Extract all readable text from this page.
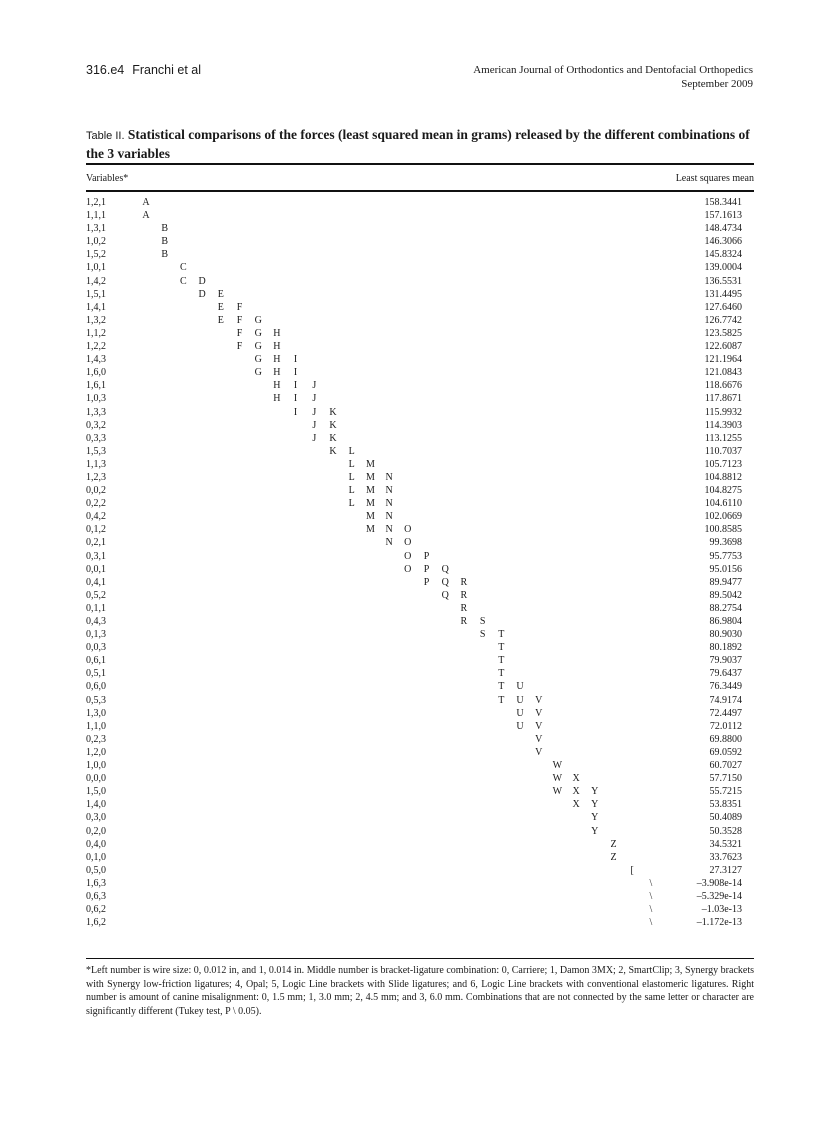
316.e4 Franchi et al	American Journal of Orthodontics and Dentofacial Orthopedics
September 2009
Table II. Statistical comparisons of the forces (least squared mean in grams) released by the different combinations of the 3 variables
Variables*	Least squares mean
1,2,1	A	158.3441
1,1,1	A	157.1613
1,3,1	B	148.4734
1,0,2	B	146.3066
1,5,2	B	145.8324
1,0,1	C	139.0004
1,4,2	C D	136.5531
1,5,1	D E	131.4495
1,4,1	E F	127.6460
1,3,2	E F G	126.7742
1,1,2	F G H	123.5825
1,2,2	F G H	122.6087
1,4,3	G H	I	121.1964
1,6,0	G H	I	121.0843
1,6,1	H	I	J	118.6676
1,0,3	H	I	J	117.8671
1,3,3	I	J	K	115.9932
0,3,2	J	K	114.3903
0,3,3	J	K	113.1255
1,5,3	K L	110.7037
1,1,3	L M	105.7123
1,2,3	L M N	104.8812
0,0,2	L M N	104.8275
0,2,2	L M N	104.6110
0,4,2	M N	102.0669
0,1,2	M N O	100.8585
0,2,1	N O	99.3698
0,3,1	O P	95.7753
0,0,1	O P Q	95.0156
0,4,1	P Q R	89.9477
0,5,2	Q R	89.5042
0,1,1	R	88.2754
0,4,3	R S	86.9804
0,1,3	S T	80.9030
0,0,3	T	80.1892
0,6,1	T	79.9037
0,5,1	T	79.6437
0,6,0	T U	76.3449
0,5,3	T U V	74.9174
1,3,0	U V	72.4497
1,1,0	U V	72.0112
0,2,3	V	69.8800
1,2,0	V	69.0592
1,0,0	W	60.7027
0,0,0	W X	57.7150
1,5,0	W X Y	55.7215
1,4,0	X Y	53.8351
0,3,0	Y	50.4089
0,2,0	Y	50.3528
0,4,0	Z	34.5321
0,1,0	Z	33.7623
0,5,0	[	27.3127
1,6,3	\	–3.908e-14
0,6,3	\	–5.329e-14
0,6,2	\	–1.03e-13
1,6,2	\	–1.172e-13
*Left number is wire size: 0, 0.012 in, and 1, 0.014 in. Middle number is bracket-ligature combination: 0, Carriere; 1, Damon 3MX; 2, SmartClip; 3, Synergy brackets with Synergy low-friction ligatures; 4, Opal; 5, Logic Line brackets with Slide ligatures; and 6, Logic Line brackets with conventional elastomeric ligatures. Right number is amount of canine misalignment: 0, 1.5 mm; 1, 3.0 mm; 2, 4.5 mm; and 3, 6.0 mm. Combinations that are not connected by the same letter or character are significantly different (Tukey test, P \ 0.05).
